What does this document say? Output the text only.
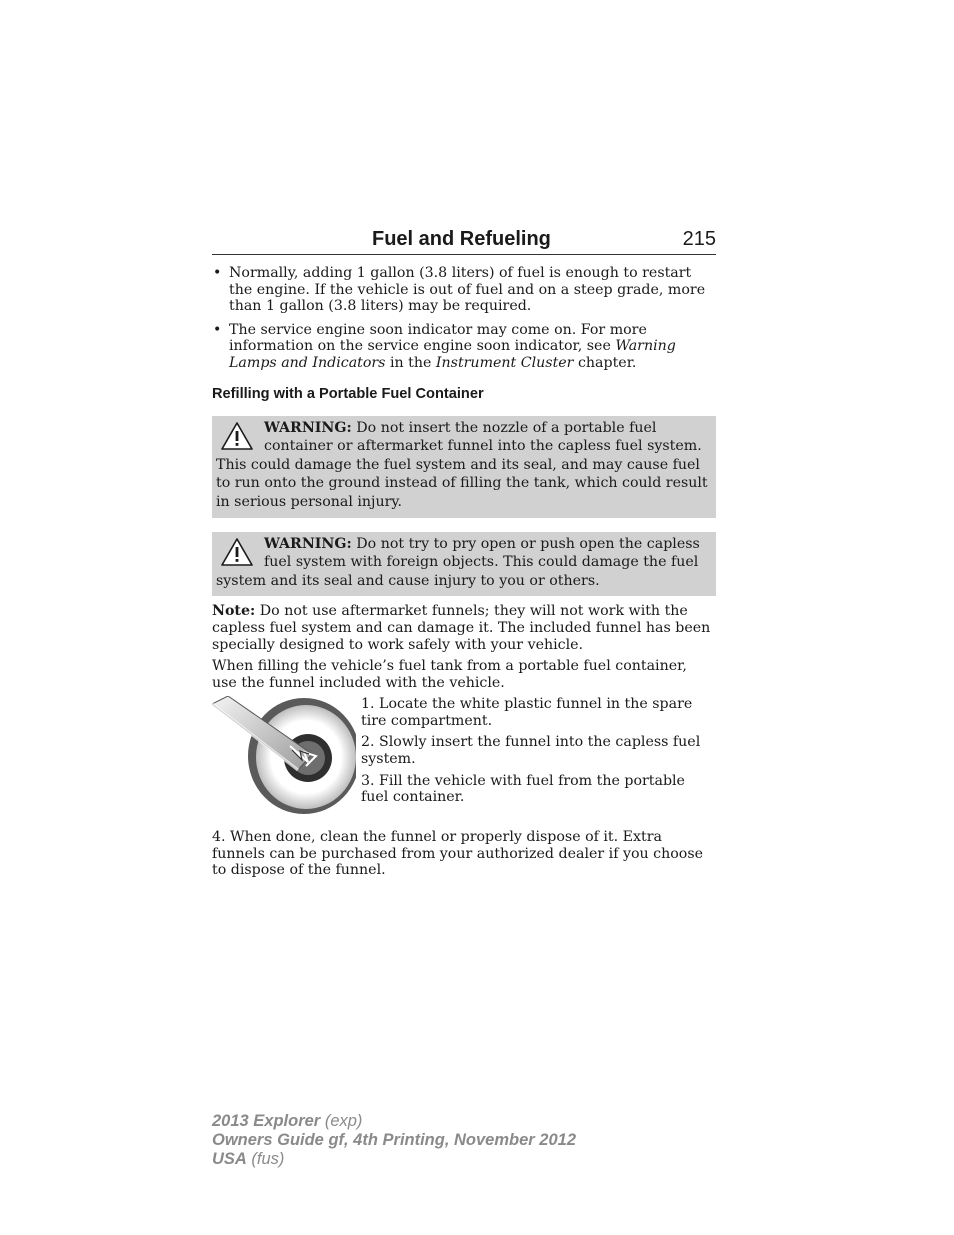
Fuel and Refueling	215
• Normally, adding 1 gallon (3.8 liters) of fuel is enough to restart the engine. If the vehicle is out of fuel and on a steep grade, more than 1 gallon (3.8 liters) may be required.
• The service engine soon indicator may come on. For more information on the service engine soon indicator, see Warning Lamps and Indicators in the Instrument Cluster chapter.
Refilling with a Portable Fuel Container
WARNING: Do not insert the nozzle of a portable fuel container or aftermarket funnel into the capless fuel system. This could damage the fuel system and its seal, and may cause fuel to run onto the ground instead of filling the tank, which could result in serious personal injury.
WARNING: Do not try to pry open or push open the capless fuel system with foreign objects. This could damage the fuel system and its seal and cause injury to you or others.

Note: Do not use aftermarket funnels; they will not work with the capless fuel system and can damage it. The included funnel has been specially designed to work safely with your vehicle.

When filling the vehicle’s fuel tank from a portable fuel container, use the funnel included with the vehicle.

1. Locate the white plastic funnel in the spare tire compartment.

2. Slowly insert the funnel into the capless fuel system.

3. Fill the vehicle with fuel from the portable fuel container.

4. When done, clean the funnel or properly dispose of it. Extra funnels can be purchased from your authorized dealer if you choose to dispose of the funnel.

2013 Explorer (exp)
Owners Guide gf, 4th Printing, November 2012
USA (fus)
